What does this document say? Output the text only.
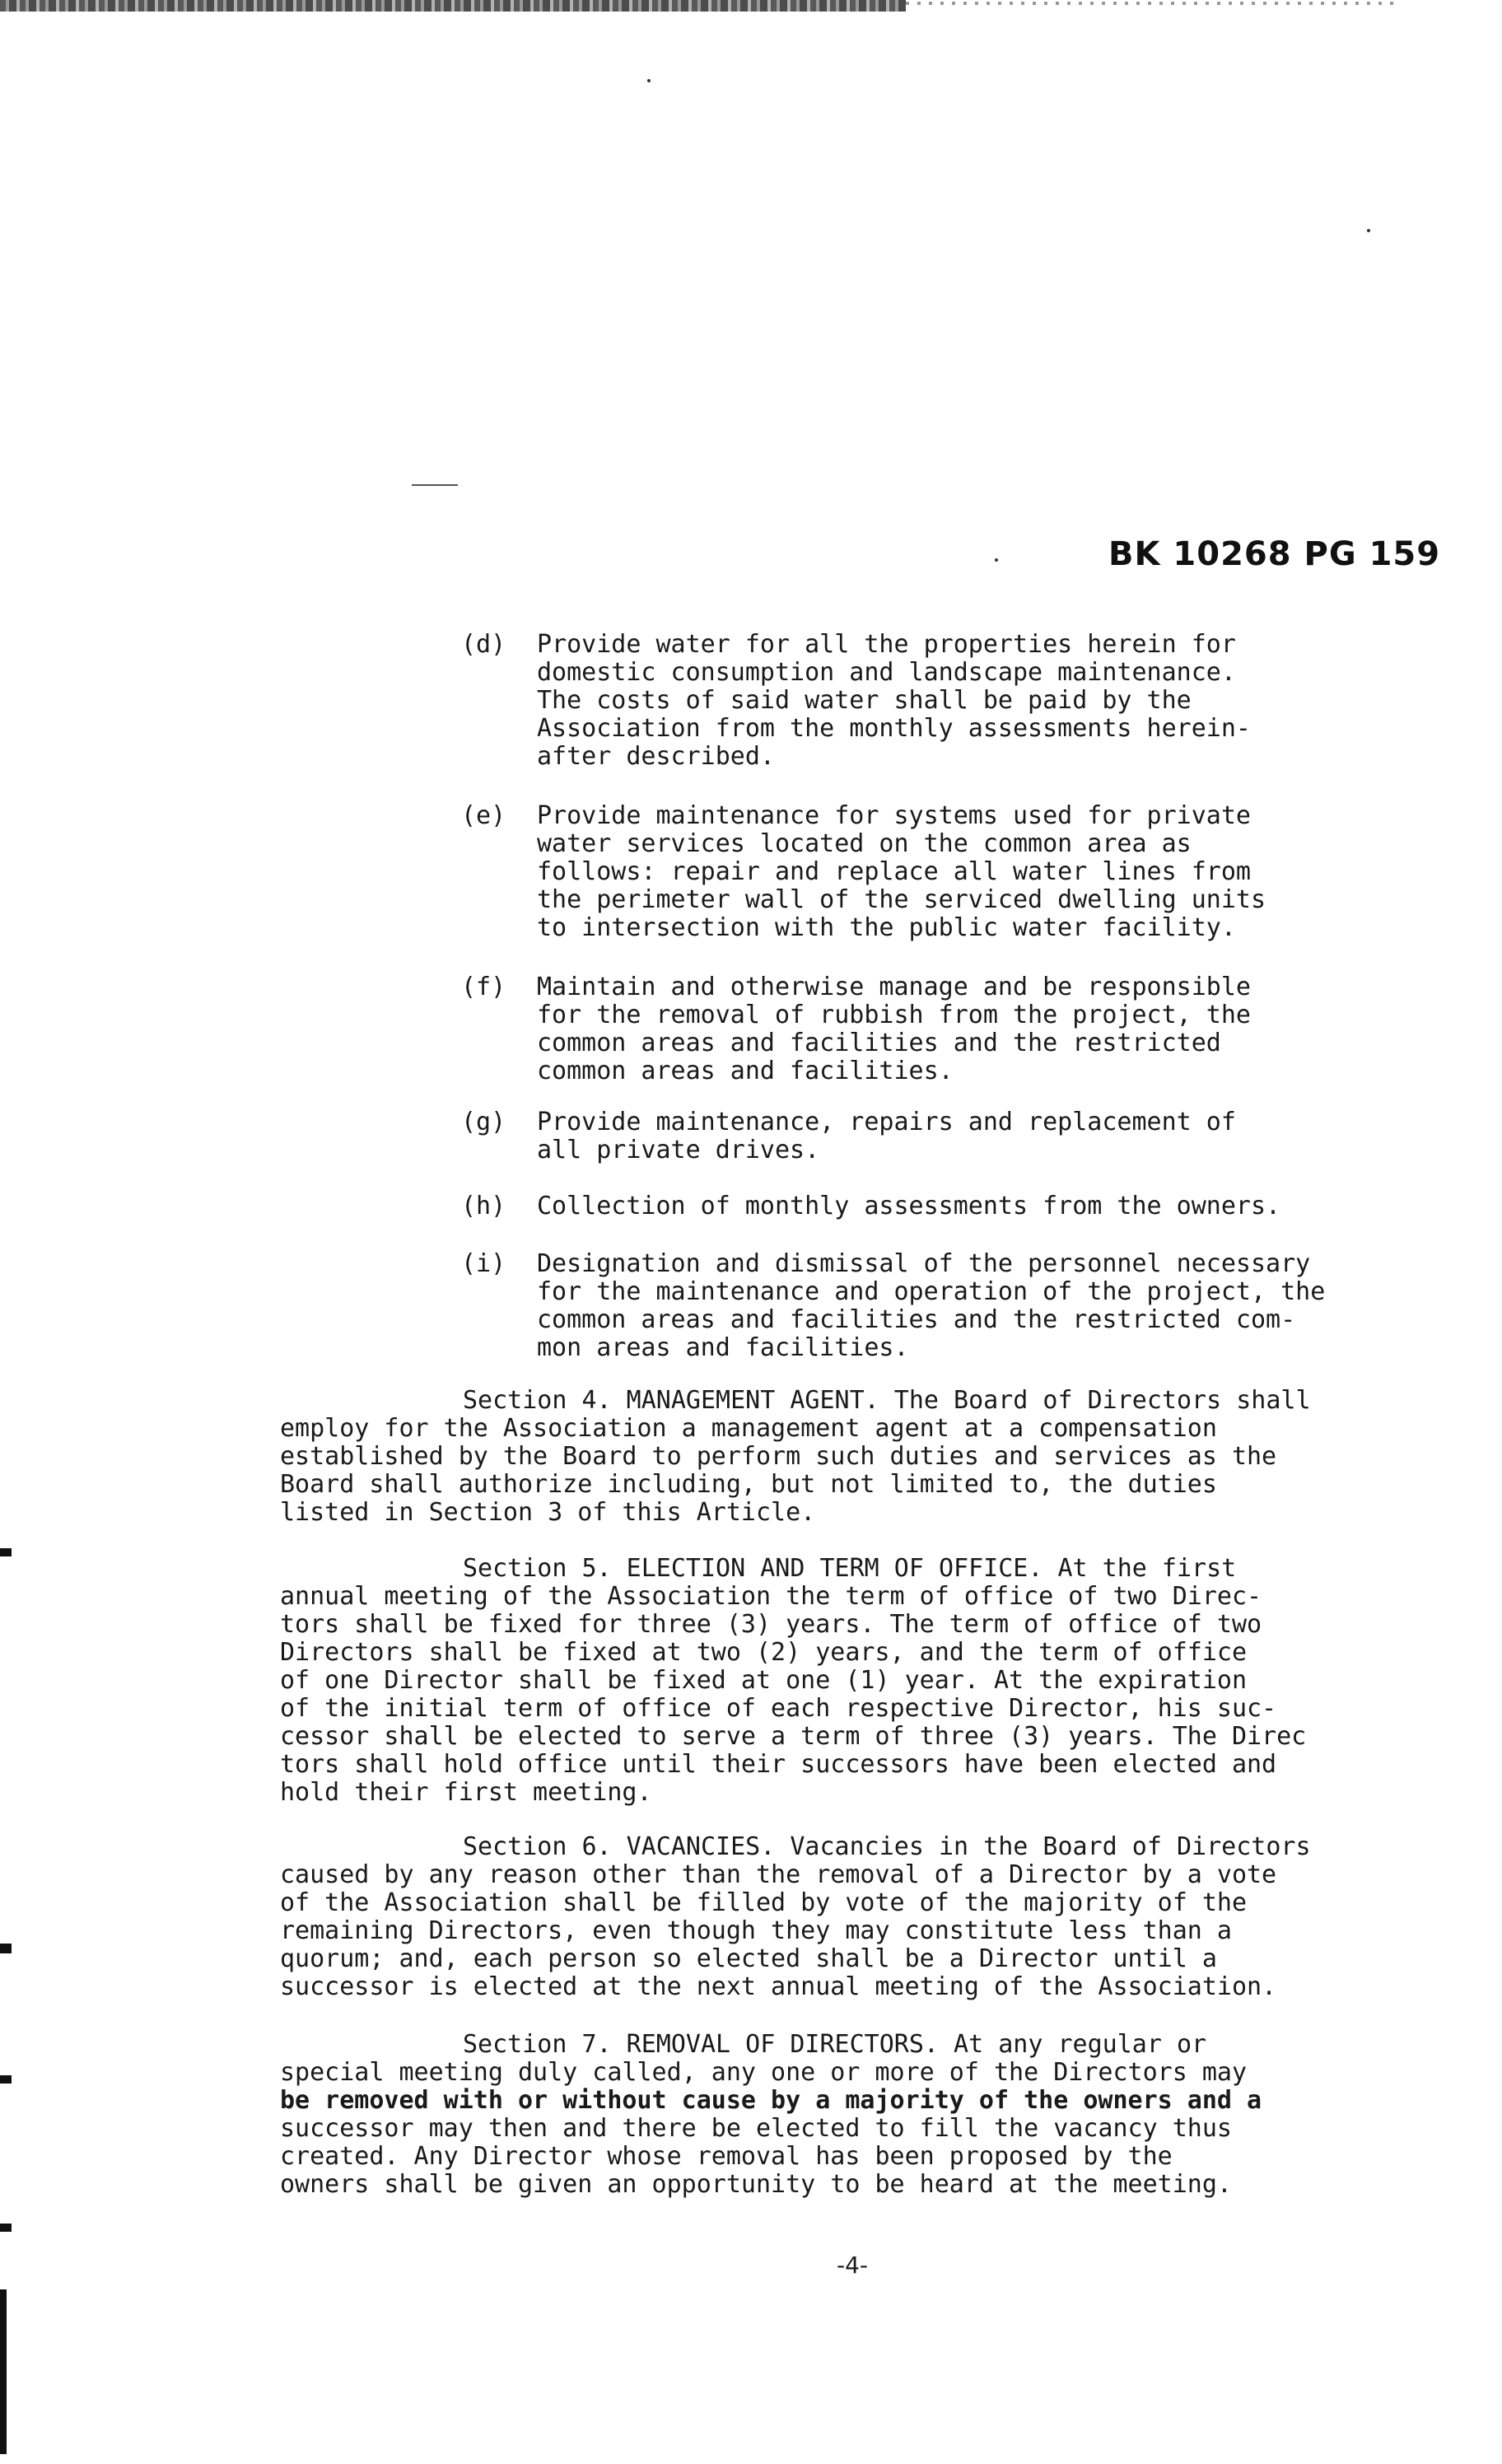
BK 10268 PG 159
(d) Provide water for all the properties herein for
domestic consumption and landscape maintenance.
The costs of said water shall be paid by the
Association from the monthly assessments herein-
after described.
(e) Provide maintenance for systems used for private
water services located on the common area as
follows: repair and replace all water lines from
the perimeter wall of the serviced dwelling units
to intersection with the public water facility.
(f) Maintain and otherwise manage and be responsible
for the removal of rubbish from the project, the
common areas and facilities and the restricted
common areas and facilities.
(g) Provide maintenance, repairs and replacement of
all private drives.
(h) Collection of monthly assessments from the owners.
(i) Designation and dismissal of the personnel necessary
for the maintenance and operation of the project, the
common areas and facilities and the restricted com-
mon areas and facilities.
Section 4. MANAGEMENT AGENT. The Board of Directors shall
employ for the Association a management agent at a compensation
established by the Board to perform such duties and services as the
Board shall authorize including, but not limited to, the duties
listed in Section 3 of this Article.
Section 5. ELECTION AND TERM OF OFFICE. At the first
annual meeting of the Association the term of office of two Direc-
tors shall be fixed for three (3) years. The term of office of two
Directors shall be fixed at two (2) years, and the term of office
of one Director shall be fixed at one (1) year. At the expiration
of the initial term of office of each respective Director, his suc-
cessor shall be elected to serve a term of three (3) years. The Direc
tors shall hold office until their successors have been elected and
hold their first meeting.
Section 6. VACANCIES. Vacancies in the Board of Directors
caused by any reason other than the removal of a Director by a vote
of the Association shall be filled by vote of the majority of the
remaining Directors, even though they may constitute less than a
quorum; and, each person so elected shall be a Director until a
successor is elected at the next annual meeting of the Association.
Section 7. REMOVAL OF DIRECTORS. At any regular or
special meeting duly called, any one or more of the Directors may
be removed with or without cause by a majority of the owners and a
successor may then and there be elected to fill the vacancy thus
created. Any Director whose removal has been proposed by the
owners shall be given an opportunity to be heard at the meeting.
-4-
